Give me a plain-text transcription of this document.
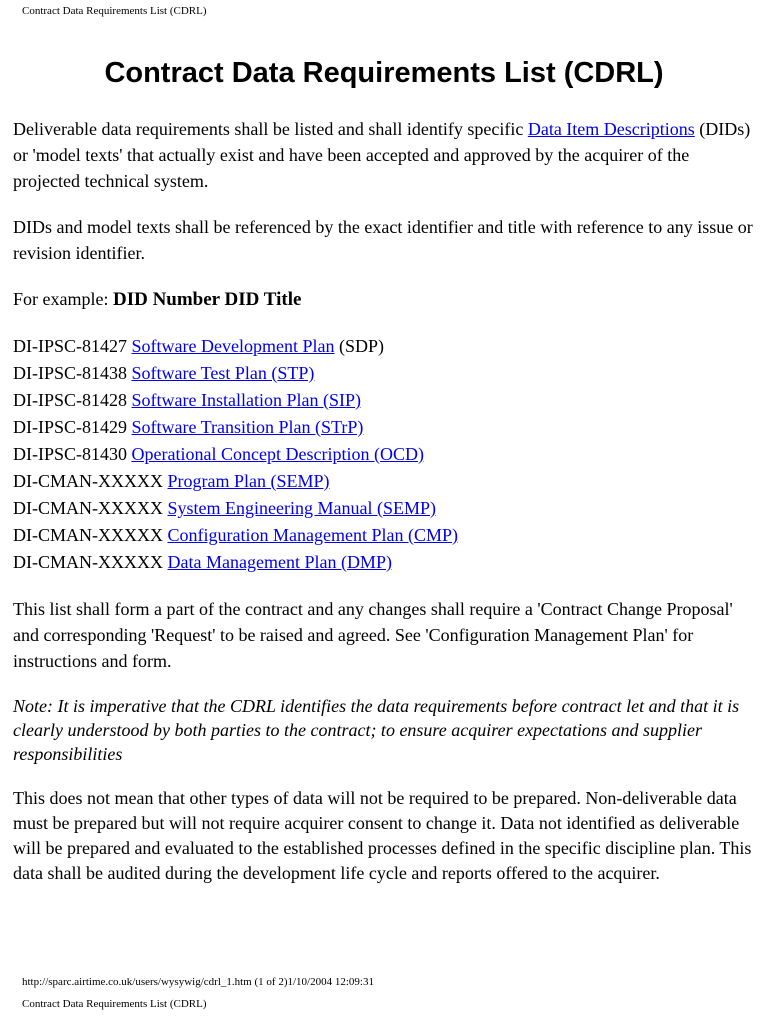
Contract Data Requirements List (CDRL)
Contract Data Requirements List (CDRL)

Deliverable data requirements shall be listed and shall identify specific Data Item Descriptions (DIDs) or 'model texts' that actually exist and have been accepted and approved by the acquirer of the projected technical system.

DIDs and model texts shall be referenced by the exact identifier and title with reference to any issue or revision identifier.

For example: DID Number DID Title

DI-IPSC-81427 Software Development Plan (SDP)
DI-IPSC-81438 Software Test Plan (STP)
DI-IPSC-81428 Software Installation Plan (SIP)
DI-IPSC-81429 Software Transition Plan (STrP)
DI-IPSC-81430 Operational Concept Description (OCD)
DI-CMAN-XXXXX Program Plan (SEMP)
DI-CMAN-XXXXX System Engineering Manual (SEMP)
DI-CMAN-XXXXX Configuration Management Plan (CMP)
DI-CMAN-XXXXX Data Management Plan (DMP)

This list shall form a part of the contract and any changes shall require a 'Contract Change Proposal' and corresponding 'Request' to be raised and agreed. See 'Configuration Management Plan' for instructions and form.

Note: It is imperative that the CDRL identifies the data requirements before contract let and that it is clearly understood by both parties to the contract; to ensure acquirer expectations and supplier responsibilities

This does not mean that other types of data will not be required to be prepared. Non-deliverable data must be prepared but will not require acquirer consent to change it. Data not identified as deliverable will be prepared and evaluated to the established processes defined in the specific discipline plan. This data shall be audited during the development life cycle and reports offered to the acquirer.

http://sparc.airtime.co.uk/users/wysywig/cdrl_1.htm (1 of 2)1/10/2004 12:09:31
Contract Data Requirements List (CDRL)
